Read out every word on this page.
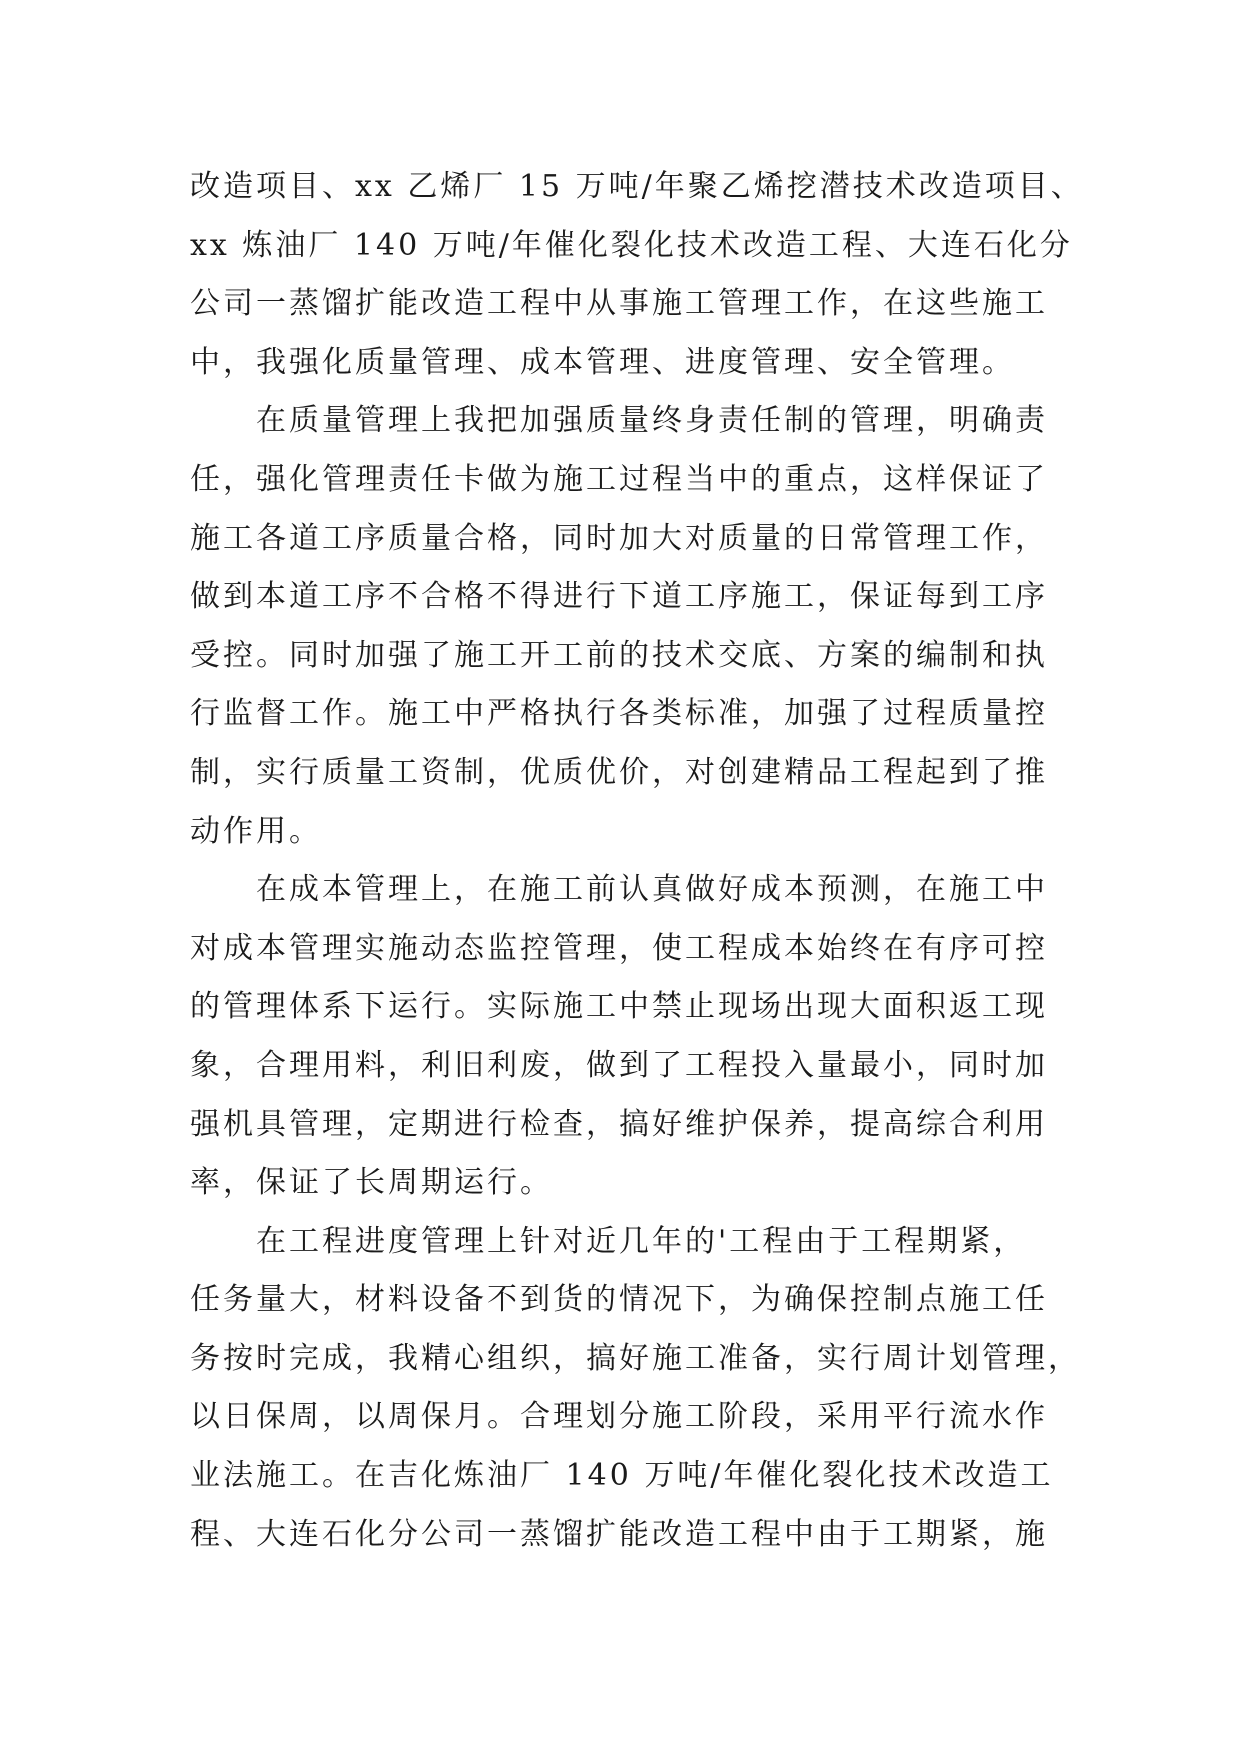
改造项目、xx 乙烯厂 15 万吨/年聚乙烯挖潜技术改造项目、
xx 炼油厂 140 万吨/年催化裂化技术改造工程、大连石化分
公司一蒸馏扩能改造工程中从事施工管理工作，在这些施工
中，我强化质量管理、成本管理、进度管理、安全管理。
在质量管理上我把加强质量终身责任制的管理，明确责
任，强化管理责任卡做为施工过程当中的重点，这样保证了
施工各道工序质量合格，同时加大对质量的日常管理工作，
做到本道工序不合格不得进行下道工序施工，保证每到工序
受控。同时加强了施工开工前的技术交底、方案的编制和执
行监督工作。施工中严格执行各类标准，加强了过程质量控
制，实行质量工资制，优质优价，对创建精品工程起到了推
动作用。
在成本管理上，在施工前认真做好成本预测，在施工中
对成本管理实施动态监控管理，使工程成本始终在有序可控
的管理体系下运行。实际施工中禁止现场出现大面积返工现
象，合理用料，利旧利废，做到了工程投入量最小，同时加
强机具管理，定期进行检查，搞好维护保养，提高综合利用
率，保证了长周期运行。
在工程进度管理上针对近几年的'工程由于工程期紧，
任务量大，材料设备不到货的情况下，为确保控制点施工任
务按时完成，我精心组织，搞好施工准备，实行周计划管理，
以日保周，以周保月。合理划分施工阶段，采用平行流水作
业法施工。在吉化炼油厂 140 万吨/年催化裂化技术改造工
程、大连石化分公司一蒸馏扩能改造工程中由于工期紧，施
